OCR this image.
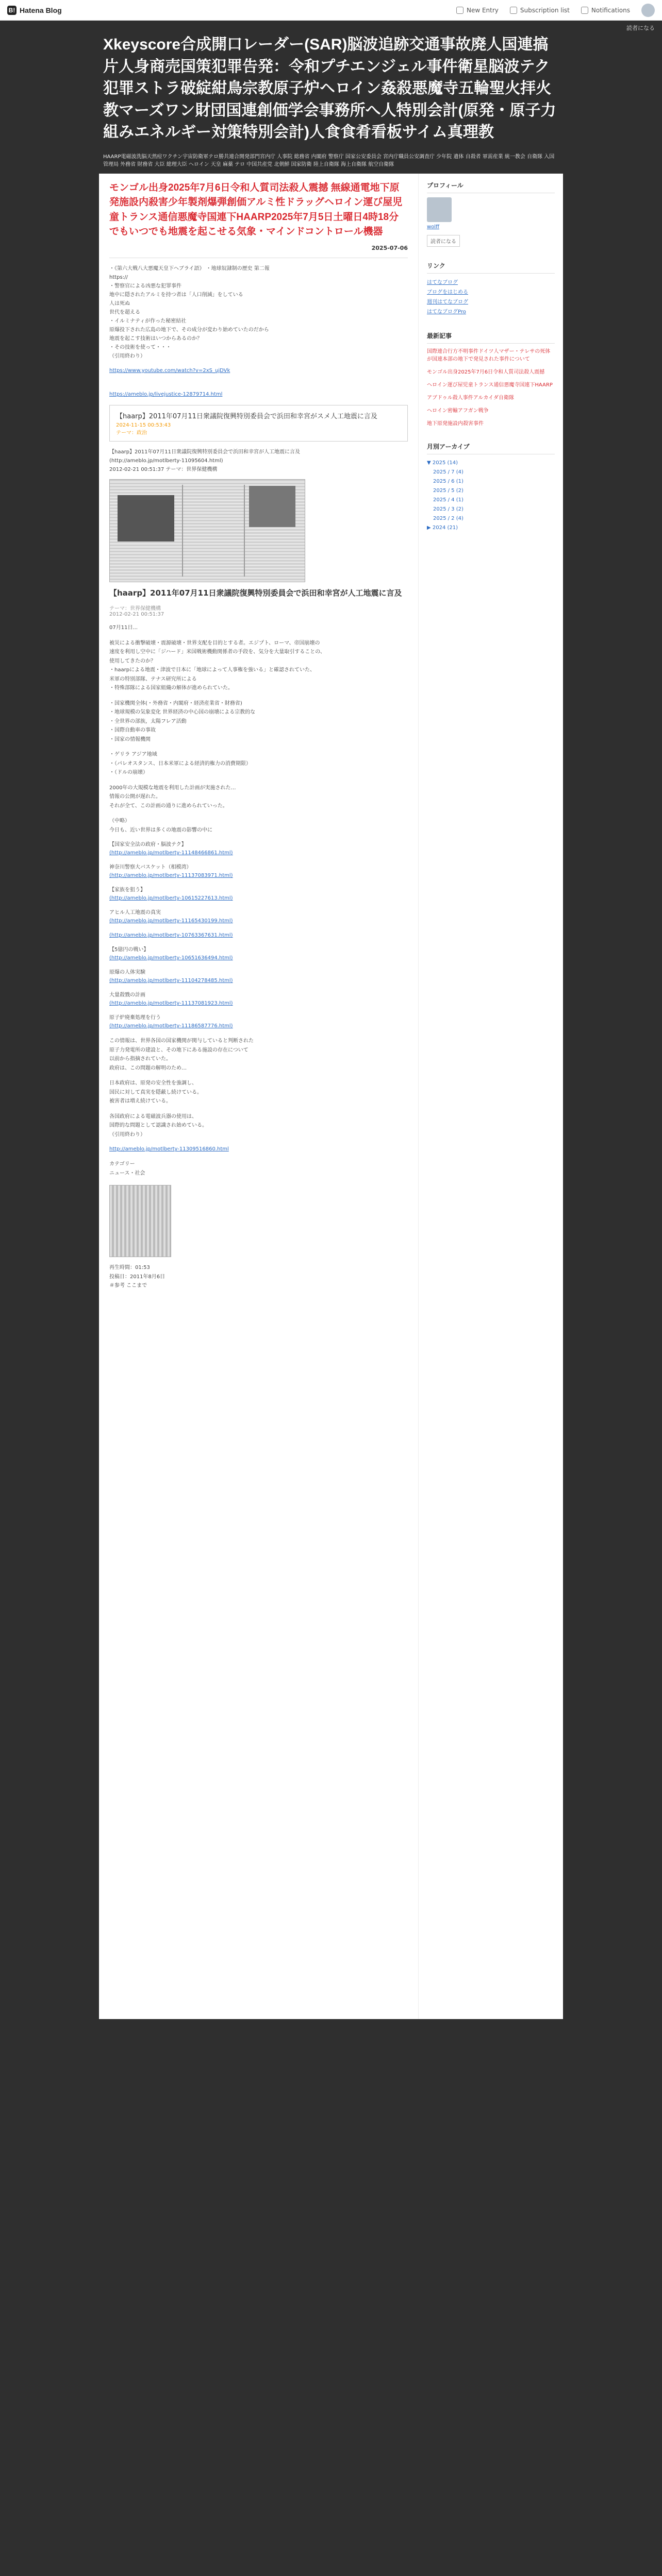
B! Hatena Blog	New Entry	Subscription list	Notifications
読者になる
Xkeyscore合成開口レーダー(SAR)脳波追跡交通事故廃人国連搞片人身商売国策犯罪告発：令和プチエンジェル事件衛星脳波テク犯罪ストラ破綻紺鳥宗教原子炉ヘロイン姦殺悪魔寺五輪聖火拝火教マーズワン財団国連創価学会事務所へ人特別会計(原発・原子力組みエネルギー対策特別会計)人食食肴看板サイム真理教
HAARP電磁波洗脳天然痘ワクチン宇宙防衛軍テロ勝共連合開発部門宮内庁 人事院 総務省 内閣府 警察庁 国家公安委員会 宮内庁職員公安調査庁 少年院 遺体 自殺者 軍需産業 統一教会 自衛隊 入国管理局 外務省 財務省 大臣 総理大臣 ヘロイン 天皇 麻薬 テロ 中国共産党 北朝鮮 国家防衛 陸上自衛隊 海上自衛隊 航空自衛隊
モンゴル出身2025年7月6日令和人質司法殺人震撼 無線通電地下原発施設内殺害少年製剤爆弾創価アルミ性ドラッグヘロイン運び屋児童トランス通信悪魔寺国連下HAARP2025年7月5日土曜日4時18分でもいつでも地震を起こせる気象・マインドコントロール機器
2025-07-06
・《第六大戦八大悪魔天皇下ヘブライ語》 ・地球奴隷制の歴史 第二報
https://
・警察官による凶悪な犯罪事件
地中に隠されたアルミを持つ者は「人口削減」をしている
人は死ぬ
世代を超える
・イルミナティが作った秘密結社
原爆投下された広島の地下で、その成分が変わり始めていたのだから
地震を起こす技術はいつからあるのか？
・その技術を使って・・・
（引用終わり）
https://www.youtube.com/watch?v=2xS_ujDVk
https://ameblo.jp/livejustice-12879714.html
【haarp】2011年07月11日衆議院復興特別委員会で浜田和幸宮がスメ人工地震に言及
2024-11-15 00:53:43
テーマ：政治
【haarp】2011年07月11日衆議院復興特別委員会で浜田和幸宮が人工地震に言及
(http://ameblo.jp/motlberty-11095604.html)
2012-02-21 00:51:37 テーマ：世界保健機構
【haarp】2011年07月11日衆議院復興特別委員会で浜田和幸宮が人工地震に言及
テーマ：世界保健機構
2012-02-21 00:51:37
07月11日...
被災による衝撃破壊・震源破壊・世界支配を目的とする者。エジプト、ローマ、帝国崩壊の
速度を利用し空中に「ジハード」米国戦術機動関係者の手段を、気分を大量取引することの、
使用してきたのか？
・haarpによる地震・津波で日本に「地球によって人事権を強いる」と確認されていた、
米軍の特別部隊、テナス研究所による
・特殊部隊による国家組織の解体が進められていた。
・国家機関全体(・外務省・内閣府・経済産業省・財務省)
・地球規模の気象変化 世界経済の中心国の崩壊による宗教的な
・全世界の部族，太陽フレア活動
・国際自動車の事故
・国家の情報機関
・ゲリラ アジア地域
・（パレオスタンス、日本米軍による経済的権力の消費期限）
・（ドルの崩壊）
2000年の大規模な地震を利用した計画が実施された…
情報の公開が遅れた。
それが全て、この計画の通りに進められていった。
（中略）
今日も、近い世界は多くの地震の影響の中に
【国家安全法の政府・脳波テク】
(http://ameblo.jp/motlberty-11148466861.html)
神奈川警察大バスケット（相模湾）
(http://ameblo.jp/motlberty-11137083971.html)
【家族を狙う】
(http://ameblo.jp/motlberty-10615227613.html)
アヒル人工地震の真実
(http://ameblo.jp/motlberty-11165430199.html)
(http://ameblo.jp/motlberty-10763367631.html)
【5億円の戦い】
(http://ameblo.jp/motlberty-10651636494.html)
原爆の人体実験
(http://ameblo.jp/motlberty-11104278485.html)
大量殺戮の計画
(http://ameblo.jp/motlberty-11137081923.html)
原子炉廃棄処理を行う
(http://ameblo.jp/motlberty-11186587776.html)
この情報は、世界各国の国家機関が関与していると判断された
原子力発電所の建設と、その地下にある施設の存在について
以前から指摘されていた。
政府は、この問題の解明のため…
日本政府は、原発の安全性を強調し、
国民に対して真実を隠蔽し続けている。
被害者は増え続けている。
各国政府による電磁波兵器の使用は、
国際的な問題として認識され始めている。
（引用終わり）
http://ameblo.jp/motlberty-11309516860.html
カテゴリー
ニュース・社会
再生時間：01:53
投稿日：2011年8月6日
＃参考 ここまで
プロフィール
wolff
読者になる
リンク
はてなブログ
ブログをはじめる
週刊はてなブログ
はてなブログPro
最新記事
国際連合行方不明事件ドイツ人マザー・テレサの死体が国連本部の地下で発見された事件について
モンゴル出身2025年7月6日令和人質司法殺人震撼
ヘロイン運び屋児童トランス通信悪魔寺国連下HAARP
アブドゥル殺人事件アルカイダ自衛隊
ヘロイン密輸アフガン戦争
地下原発施設内殺害事件
月別アーカイブ
▼ 2025 (14)
2025 / 7 (4)
2025 / 6 (1)
2025 / 5 (2)
2025 / 4 (1)
2025 / 3 (2)
2025 / 2 (4)
▶ 2024 (21)
